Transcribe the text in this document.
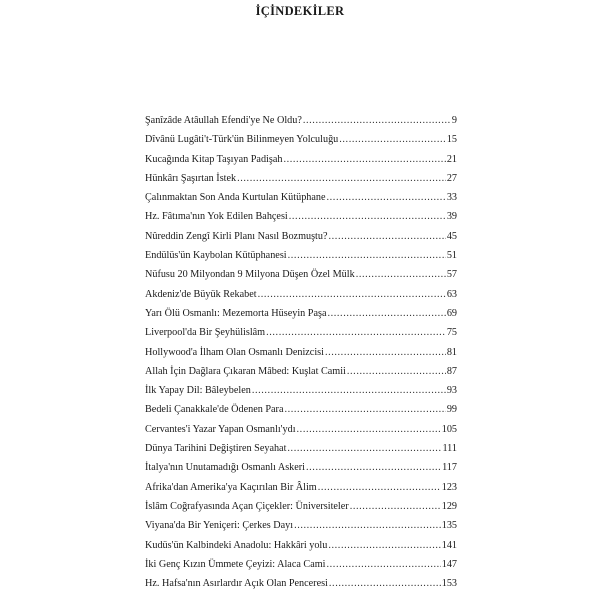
İÇİNDEKİLER
Şanîzâde Atâullah Efendi'ye Ne Oldu? .....	9
Dîvânü Lugâti't-Türk'ün Bilinmeyen Yolculuğu .....	15
Kucağında Kitap Taşıyan Padişah .....	21
Hünkârı Şaşırtan İstek .....	27
Çalınmaktan Son Anda Kurtulan Kütüphane .....	33
Hz. Fâtıma'nın Yok Edilen Bahçesi .....	39
Nûreddin Zengî Kirli Planı Nasıl Bozmuştu? .....	45
Endülüs'ün Kaybolan Kütüphanesi .....	51
Nüfusu 20 Milyondan 9 Milyona Düşen Özel Mülk .....	57
Akdeniz'de Büyük Rekabet .....	63
Yarı Ölü Osmanlı: Mezemorta Hüseyin Paşa .....	69
Liverpool'da Bir Şeyhülislâm .....	75
Hollywood'a İlham Olan Osmanlı Denizcisi .....	81
Allah İçin Dağlara Çıkaran Mâbed: Kuşlat Camii .....	87
İlk Yapay Dil: Bâleybelen .....	93
Bedeli Çanakkale'de Ödenen Para .....	99
Cervantes'i Yazar Yapan Osmanlı'ydı .....	105
Dünya Tarihini Değiştiren Seyahat .....	111
İtalya'nın Unutamadığı Osmanlı Askeri .....	117
Afrika'dan Amerika'ya Kaçırılan Bir Âlim .....	123
İslâm Coğrafyasında Açan Çiçekler: Üniversiteler .....	129
Viyana'da Bir Yeniçeri: Çerkes Dayı .....	135
Kudüs'ün Kalbindeki Anadolu: Hakkâri yolu .....	141
İki Genç Kızın Ümmete Çeyizi: Alaca Cami .....	147
Hz. Hafsa'nın Asırlardır Açık Olan Penceresi .....	153
